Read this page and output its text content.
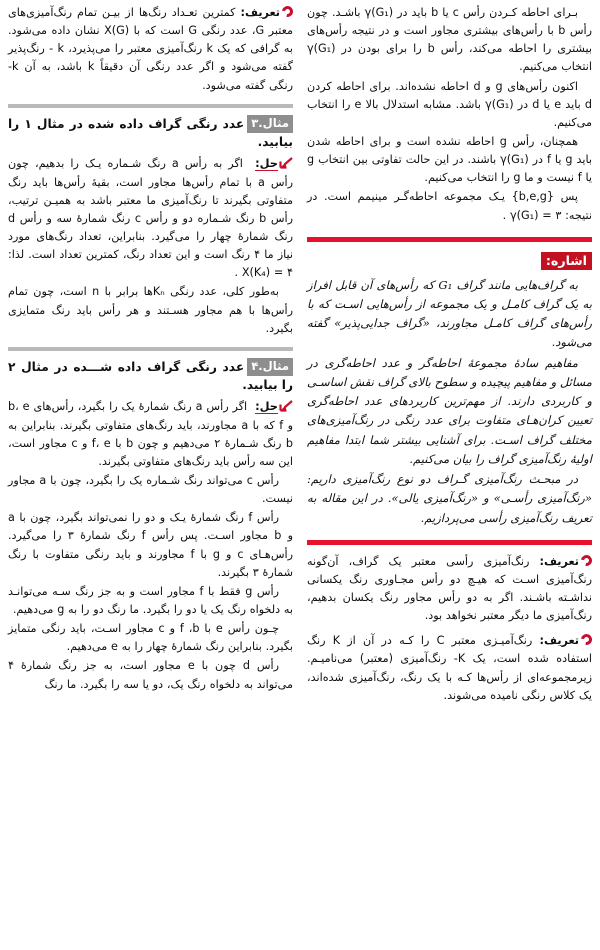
بـرای احاطه کـردن رأس c یا b باید در (G₁)γ باشـد. چون رأس b با رأس‌های بیشتری مجاور است و در نتیجه رأس‌های بیشتری را احاطه می‌کند، رأس b را برای بودن در (G₁)γ انتخاب می‌کنیم.

اکنون رأس‌های g و d احاطه نشده‌اند. برای احاطه کردن d باید e یا d در (G₁)γ باشد. مشابه استدلال بالا e را انتخاب می‌کنیم.

همچنان، رأس g احاطه نشده است و برای احاطه شدن باید g یا f در (G₁)γ باشند. در این حالت تفاوتی بین انتخاب g یا f نیست و ما g را انتخاب می‌کنیم.

پس {b,e,g} یـک مجموعه احاطه‌گـر مینیمم است. در نتیجه: ۳ = (G₁)γ .

اشاره:

به گراف‌هایی مانند گراف G₁ که رأس‌های آن قابل افراز به یک گراف کامـل و یک مجموعه از رأس‌هایی اسـت که با رأس‌های گراف کامـل مجاورند، «گراف جدایی‌پذیر» گفته می‌شود.

مفاهیم سادهٔ مجموعهٔ احاطه‌گر و عدد احاطه‌گری در مسائل و مفاهیم پیچیده و سطوح بالای گراف نقش اساسـی و کاربردی دارند. از مهم‌ترین کاربردهای عدد احاطه‌گری تعیین کران‌هـای متفاوت برای عدد رنگی در رنگ‌آمیزی‌های مختلف گراف اسـت. برای آشنایی بیشتر شما ابتدا مفاهیم اولیهٔ رنگ‌آمیزی گراف را بیان می‌کنیم.

در مبحـث رنگ‌آمیزی گـراف دو نوع رنگ‌آمیزی داریم: «رنگ‌آمیزی رأسـی» و «رنگ‌آمیزی یالی». در این مقاله به تعریف رنگ‌آمیزی رأسی می‌پردازیم.

تعریف: رنگ‌آمیزی رأسی معتبر یک گراف، آن‌گونه رنگ‌آمیزی اسـت که هیـچ دو رأس مجـاوری رنگ یکسانی نداشـته باشـند. اگر به دو رأس مجاور رنگ یکسان بدهیم، رنگ‌آمیزی ما دیگر معتبر نخواهد بود.

تعریف: رنگ‌آمیـزی معتبر C را کـه در آن از K رنگ استفاده شده است، یک K- رنگ‌آمیزی (معتبر) می‌نامیـم. زیرمجموعه‌ای از رأس‌ها کـه با یک رنگ، رنگ‌آمیزی شده‌اند، یک کلاس رنگی نامیده می‌شوند.

تعریف: کمترین تعـداد رنگ‌ها از بیـن تمام رنگ‌آمیزی‌های معتبر G، عدد رنگی G است که با (X(G نشان داده می‌شود. به گرافی که یک k رنگ‌آمیزی معتبر را می‌پذیرد، k - رنگ‌پذیر گفته می‌شود و اگر عدد رنگی آن دقیقاً k باشد، به آن k- رنگی گفته می‌شود.

مثال.۳عدد رنگی گراف داده شده در مثال ۱ را بیابید.

حل:  اگر به رأس a رنگ شـماره یـک را بدهیم، چون رأس a با تمام رأس‌ها مجاور است، بقیهٔ رأس‌ها باید رنگ متفاوتی بگیرند تا رنگ‌آمیزی ما معتبر باشد به همیـن ترتیب، رأس b رنگ شـماره دو و رأس c رنگ شمارهٔ سه و رأس d رنگ شمارهٔ چهار را می‌گیرد. بنابراین، تعداد رنگ‌های مورد نیاز ما ۴ رنگ است و این تعداد رنگ، کمترین تعداد است. لذا: ۴ = (X(K₄ .

به‌طور کلی، عدد رنگی Kₙ‌ها برابر با n است، چون تمام رأس‌ها با هم مجاور هسـتند و هر رأس باید رنگ متمایزی بگیرد.

مثال.۴عدد رنگی گراف داده شـــده در مثال ۲ را بیابید.

حل:  اگر رأس a رنگ شمارهٔ یک را بگیرد، رأس‌های b، e و f که با a مجاورند، باید رنگ‌های متفاوتی بگیرند. بنابراین به b رنگ شـمارهٔ ۲ می‌دهیم و چون b با f، e و c مجاور است، این سه رأس باید رنگ‌های متفاوتی بگیرند.

رأس c می‌تواند رنگ شـماره یک را بگیرد، چون با a مجاور نیست.

رأس f رنگ شمارهٔ یـک و دو را نمی‌تواند بگیرد، چون با a و b مجاور اسـت. پس رأس f رنگ شمارهٔ ۳ را می‌گیرد. رأس‌هـای c و g با f مجاورند و باید رنگی متفاوت با رنگ شمارهٔ ۳ بگیرند.

رأس g فقط با f مجاور است و به جز رنگ سـه می‌توانـد به دلخواه رنگ یک یا دو را بگیرد. ما رنگ دو را به g می‌دهیم.

چـون رأس e با f ،b و c مجاور اسـت، باید رنگی متمایز بگیرد. بنابراین رنگ شمارهٔ چهار را به e می‌دهیم.

رأس d چون با e مجاور است، به جز رنگ شمارهٔ ۴ می‌تواند به دلخواه رنگ یک، دو یا سه را بگیرد. ما رنگ
